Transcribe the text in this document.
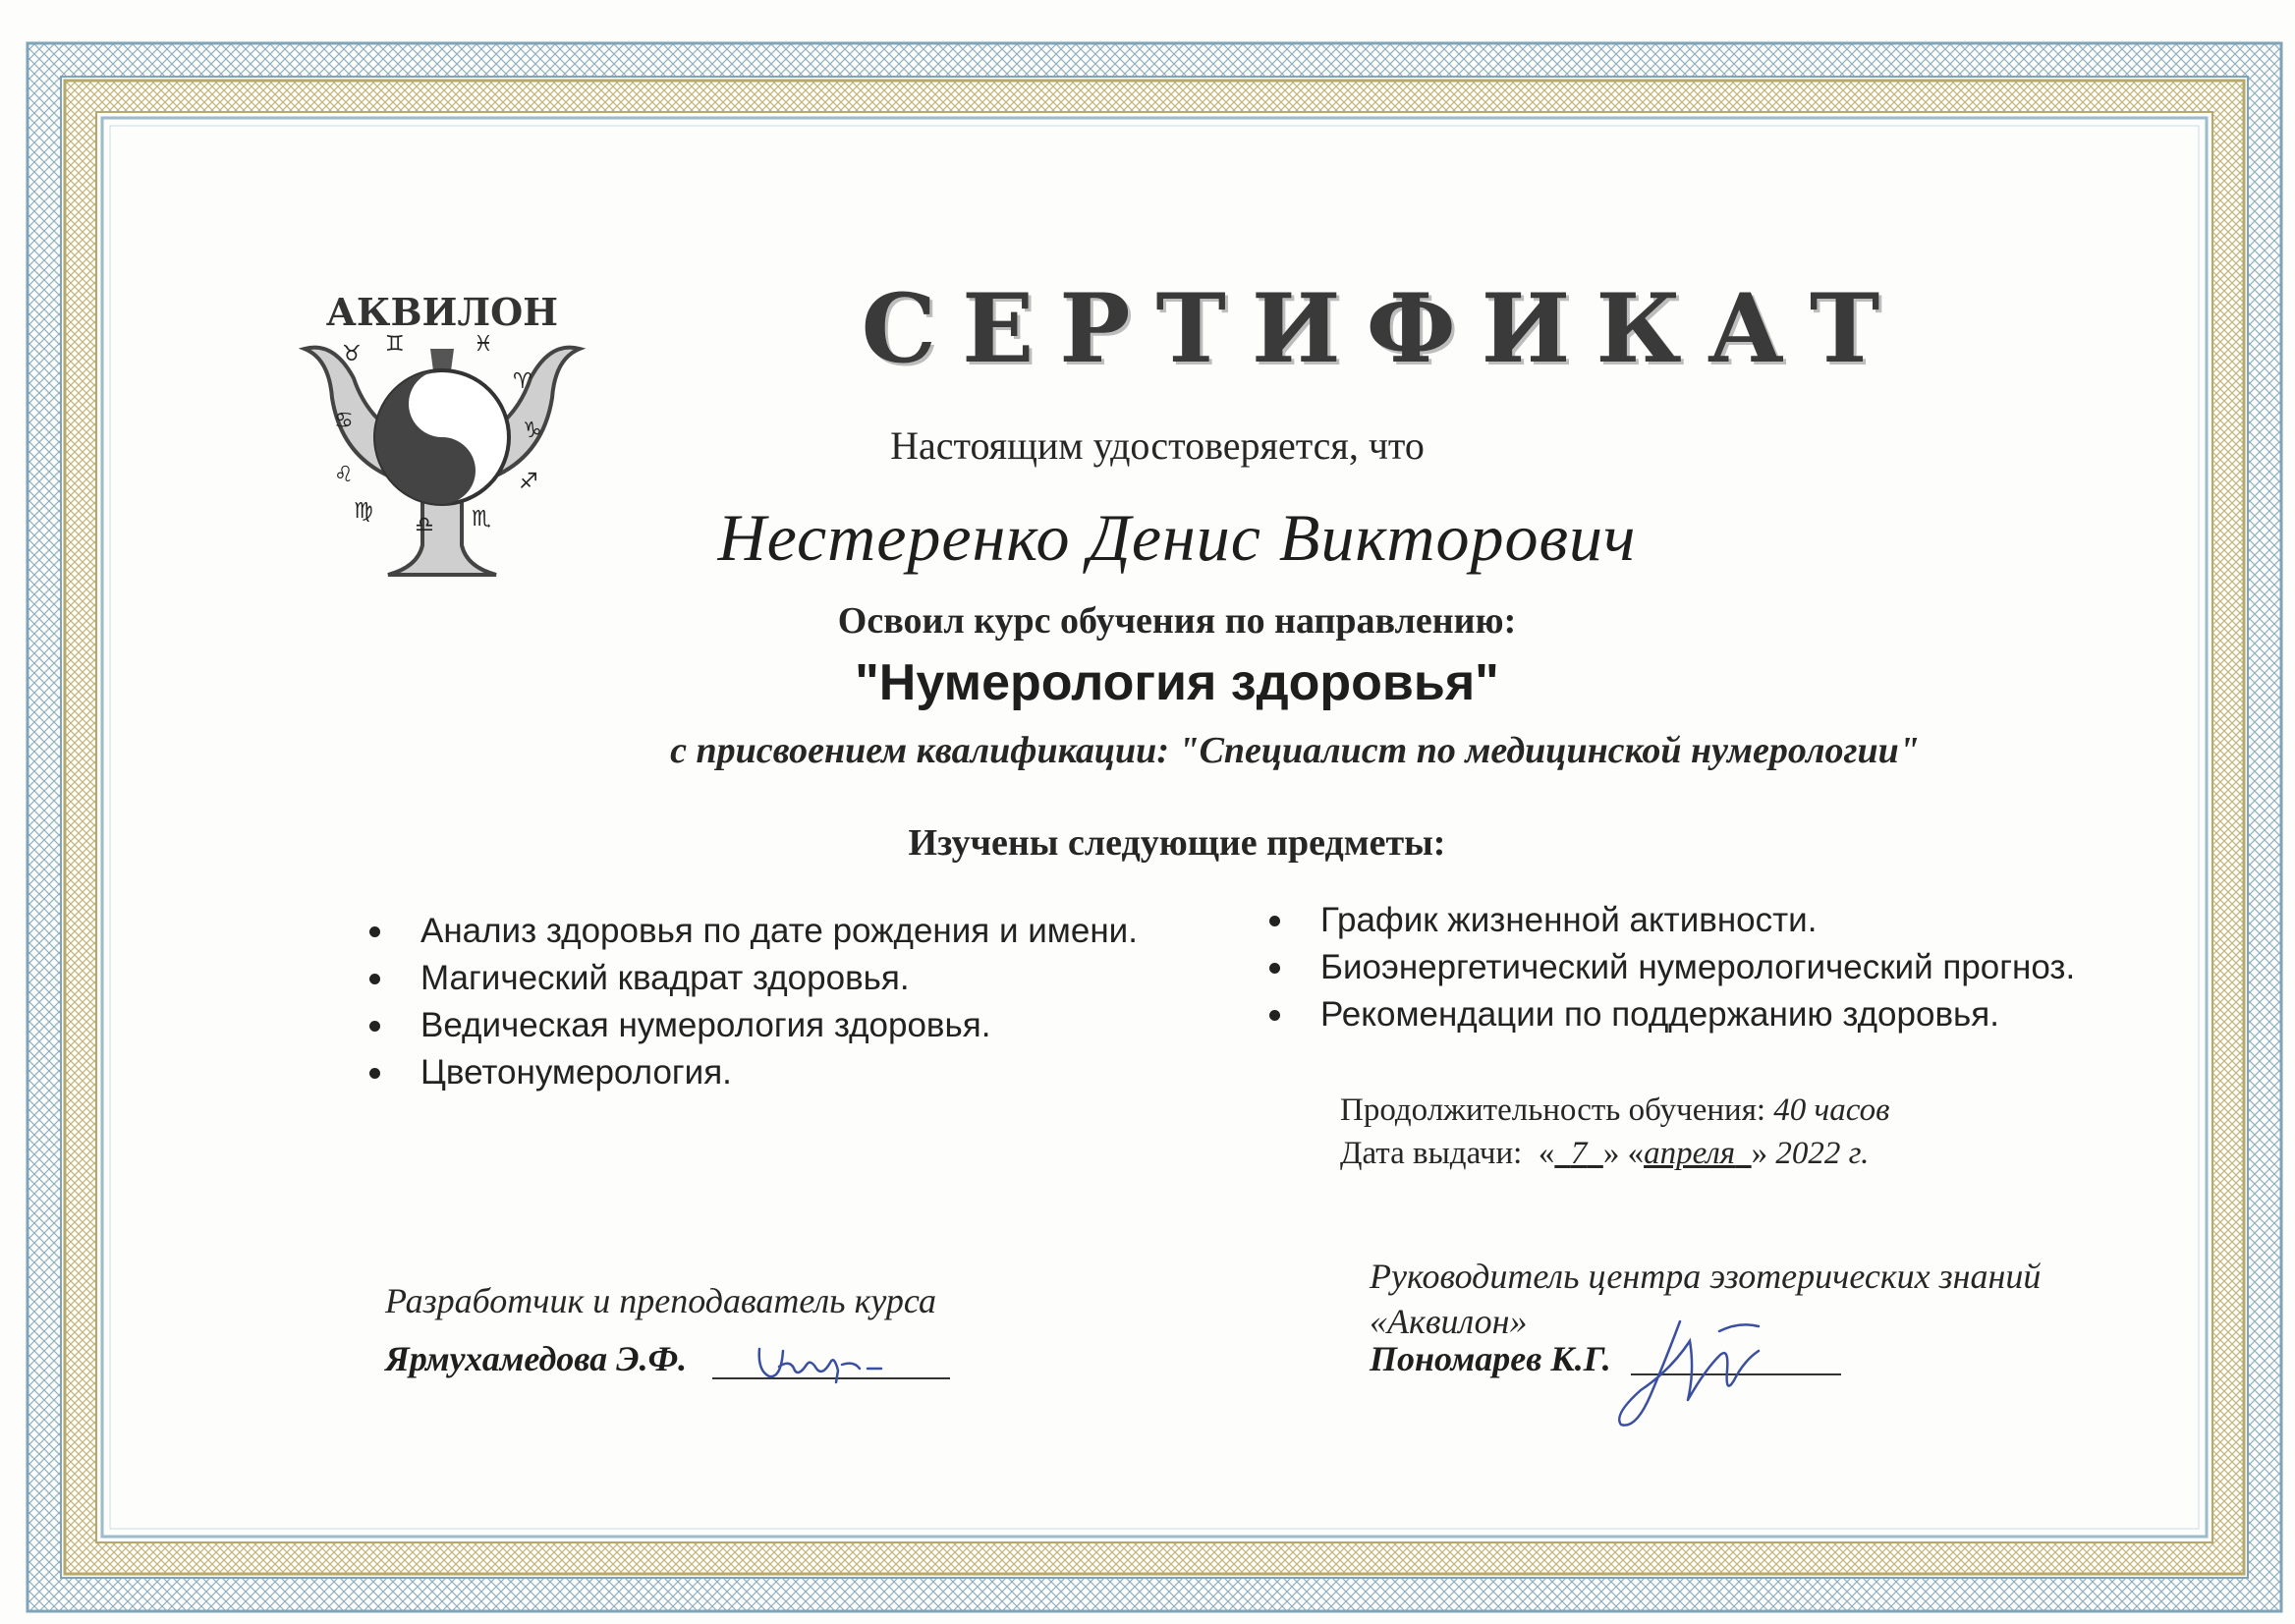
АКВИЛОН
♉ ♊	♓
♈
♋	♑
♌	♐
♍
♎ ♏
СЕРТИФИКАТ

Настоящим удостоверяется, что

Нестеренко Денис Викторович

Освоил курс обучения по направлению:

"Нумерология здоровья"

с присвоением квалификации: "Специалист по медицинской нумерологии"

Изучены следующие предметы:

Анализ здоровья по дате рождения и имени.
Магический квадрат здоровья.
Ведическая нумерология здоровья.
Цветонумерология.
График жизненной активности.
Биоэнергетический нумерологический прогноз.
Рекомендации по поддержанию здоровья.

Продолжительность обучения: 40 часов

Дата выдачи:  « 7 » «апреля » 2022 г.

Разработчик и преподаватель курса

Ярмухамедова Э.Ф.

Руководитель центра эзотерических знаний
«Аквилон»

Пономарев К.Г.
